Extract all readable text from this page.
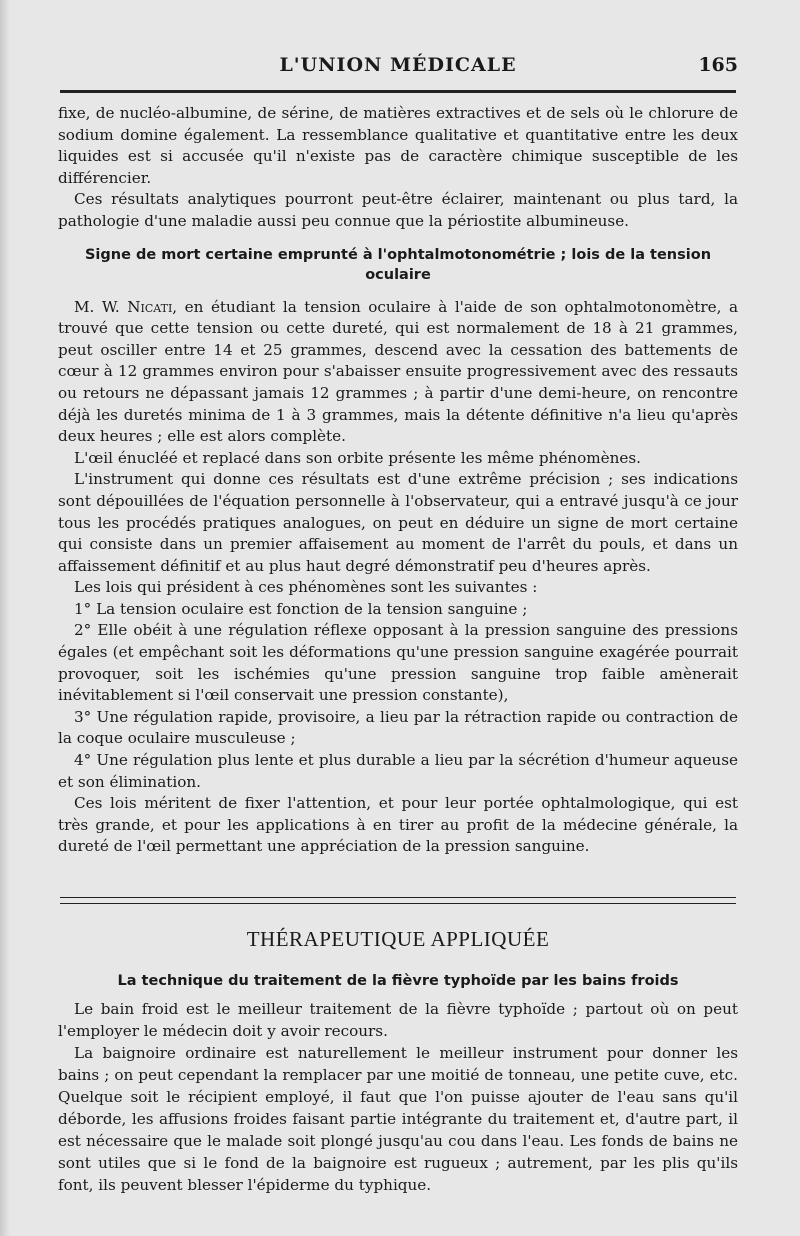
L'UNION MÉDICALE	165

fixe, de nucléo-albumine, de sérine, de matières extractives et de sels où le chlorure de sodium domine également. La ressemblance qualitative et quantitative entre les deux liquides est si accusée qu'il n'existe pas de caractère chimique susceptible de les différencier.

Ces résultats analytiques pourront peut-être éclairer, maintenant ou plus tard, la pathologie d'une maladie aussi peu connue que la périostite albumineuse.

Signe de mort certaine emprunté à l'ophtalmotonométrie ; lois de la tension oculaire

M. W. Nicati, en étudiant la tension oculaire à l'aide de son ophtalmotonomètre, a trouvé que cette tension ou cette dureté, qui est normalement de 18 à 21 grammes, peut osciller entre 14 et 25 grammes, descend avec la cessation des battements de cœur à 12 grammes environ pour s'abaisser ensuite progressivement avec des ressauts ou retours ne dépassant jamais 12 grammes ; à partir d'une demi-heure, on rencontre déjà les duretés minima de 1 à 3 grammes, mais la détente définitive n'a lieu qu'après deux heures ; elle est alors complète.

L'œil énucléé et replacé dans son orbite présente les même phénomènes.

L'instrument qui donne ces résultats est d'une extrême précision ; ses indications sont dépouillées de l'équation personnelle à l'observateur, qui a entravé jusqu'à ce jour tous les procédés pratiques analogues, on peut en déduire un signe de mort certaine qui consiste dans un premier affaisement au moment de l'arrêt du pouls, et dans un affaissement définitif et au plus haut degré démonstratif peu d'heures après.

Les lois qui président à ces phénomènes sont les suivantes :

1° La tension oculaire est fonction de la tension sanguine ;

2° Elle obéit à une régulation réflexe opposant à la pression sanguine des pressions égales (et empêchant soit les déformations qu'une pression sanguine exagérée pourrait provoquer, soit les ischémies qu'une pression sanguine trop faible amènerait inévitablement si l'œil conservait une pression constante),

3° Une régulation rapide, provisoire, a lieu par la rétraction rapide ou contraction de la coque oculaire musculeuse ;

4° Une régulation plus lente et plus durable a lieu par la sécrétion d'humeur aqueuse et son élimination.

Ces lois méritent de fixer l'attention, et pour leur portée ophtalmologique, qui est très grande, et pour les applications à en tirer au profit de la médecine générale, la dureté de l'œil permettant une appréciation de la pression sanguine.

THÉRAPEUTIQUE APPLIQUÉE
La technique du traitement de la fièvre typhoïde par les bains froids

Le bain froid est le meilleur traitement de la fièvre typhoïde ; partout où on peut l'employer le médecin doit y avoir recours.

La baignoire ordinaire est naturellement le meilleur instrument pour donner les bains ; on peut cependant la remplacer par une moitié de tonneau, une petite cuve, etc. Quelque soit le récipient employé, il faut que l'on puisse ajouter de l'eau sans qu'il déborde, les affusions froides faisant partie intégrante du traitement et, d'autre part, il est nécessaire que le malade soit plongé jusqu'au cou dans l'eau. Les fonds de bains ne sont utiles que si le fond de la baignoire est rugueux ; autrement, par les plis qu'ils font, ils peuvent blesser l'épiderme du typhique.
